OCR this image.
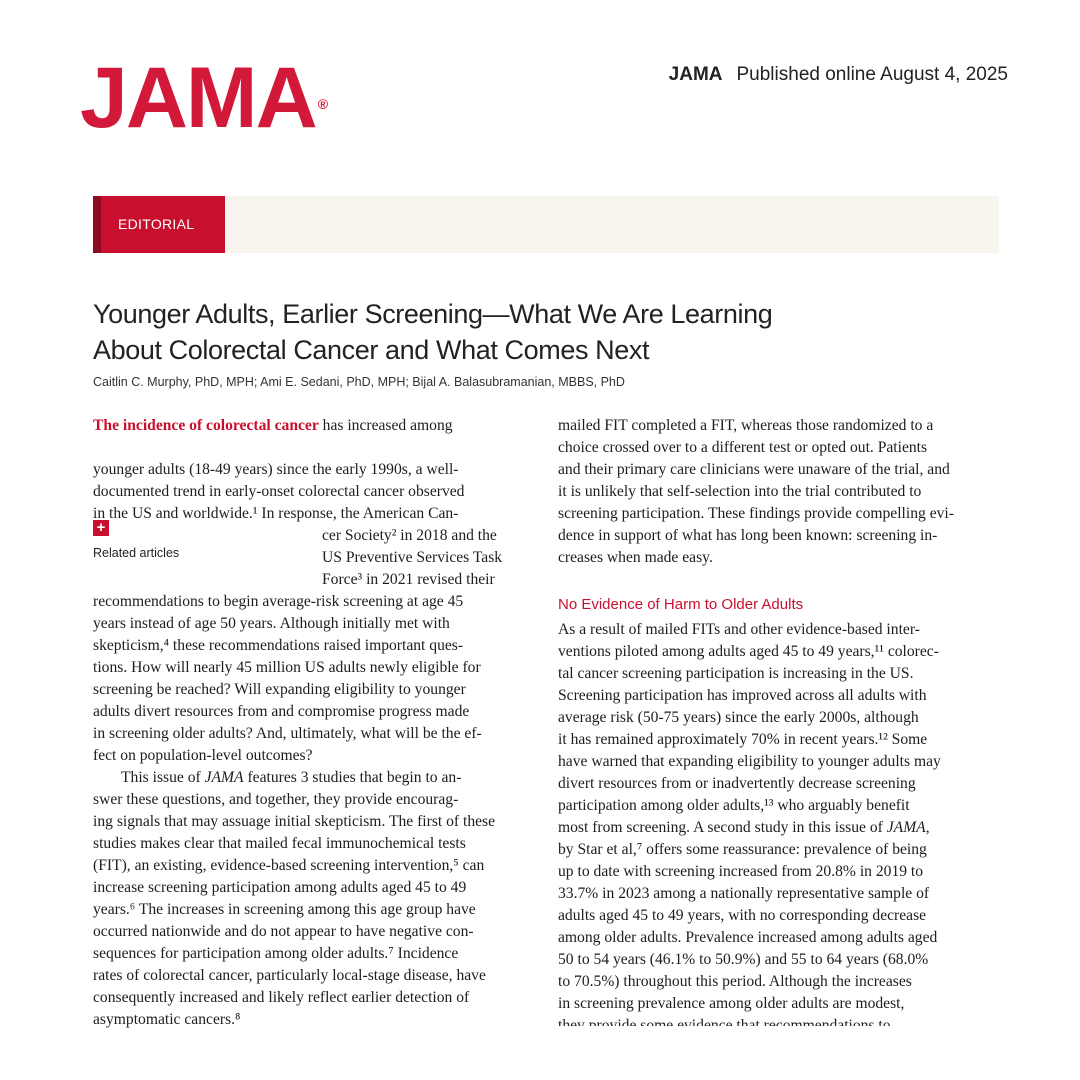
JAMA ®
JAMA Published online August 4, 2025
EDITORIAL
Younger Adults, Earlier Screening—What We Are Learning
About Colorectal Cancer and What Comes Next
Caitlin C. Murphy, PhD, MPH; Ami E. Sedani, PhD, MPH; Bijal A. Balasubramanian, MBBS, PhD
+
Related articles
The incidence of colorectal cancer has increased among
younger adults (18-49 years) since the early 1990s, a well-
documented trend in early-onset colorectal cancer observed
in the US and worldwide.¹ In response, the American Can-
cer Society² in 2018 and the
US Preventive Services Task
Force³ in 2021 revised their
recommendations to begin average-risk screening at age 45
years instead of age 50 years. Although initially met with
skepticism,⁴ these recommendations raised important ques-
tions. How will nearly 45 million US adults newly eligible for
screening be reached? Will expanding eligibility to younger
adults divert resources from and compromise progress made
in screening older adults? And, ultimately, what will be the ef-
fect on population-level outcomes?
This issue of JAMA features 3 studies that begin to an-
swer these questions, and together, they provide encourag-
ing signals that may assuage initial skepticism. The first of these
studies makes clear that mailed fecal immunochemical tests
(FIT), an existing, evidence-based screening intervention,⁵ can
increase screening participation among adults aged 45 to 49
years.⁶ The increases in screening among this age group have
occurred nationwide and do not appear to have negative con-
sequences for participation among older adults.⁷ Incidence
rates of colorectal cancer, particularly local-stage disease, have
consequently increased and likely reflect earlier detection of
asymptomatic cancers.⁸
mailed FIT completed a FIT, whereas those randomized to a
choice crossed over to a different test or opted out. Patients
and their primary care clinicians were unaware of the trial, and
it is unlikely that self-selection into the trial contributed to
screening participation. These findings provide compelling evi-
dence in support of what has long been known: screening in-
creases when made easy.
As a result of mailed FITs and other evidence-based inter-
ventions piloted among adults aged 45 to 49 years,¹¹ colorec-
tal cancer screening participation is increasing in the US.
Screening participation has improved across all adults with
average risk (50-75 years) since the early 2000s, although
it has remained approximately 70% in recent years.¹² Some
have warned that expanding eligibility to younger adults may
divert resources from or inadvertently decrease screening
participation among older adults,¹³ who arguably benefit
most from screening. A second study in this issue of JAMA,
by Star et al,⁷ offers some reassurance: prevalence of being
up to date with screening increased from 20.8% in 2019 to
33.7% in 2023 among a nationally representative sample of
adults aged 45 to 49 years, with no corresponding decrease
among older adults. Prevalence increased among adults aged
50 to 54 years (46.1% to 50.9%) and 55 to 64 years (68.0%
to 70.5%) throughout this period. Although the increases
in screening prevalence among older adults are modest,
No Evidence of Harm to Older Adults
